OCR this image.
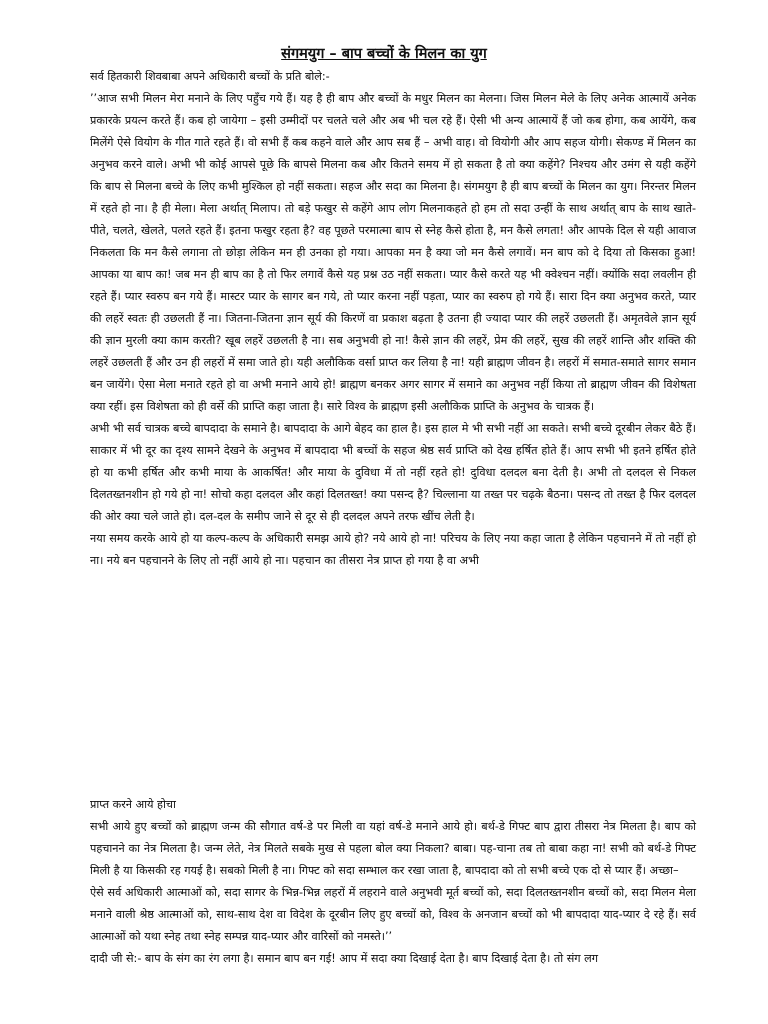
संगमयुग – बाप बच्चों के मिलन का युग

सर्व हितकारी शिवबाबा अपने अधिकारी बच्चों के प्रति बोले:-

’’आज सभी मिलन मेरा मनाने के लिए पहुँच गये हैं। यह है ही बाप और बच्चों के मधुर मिलन का मेलना। जिस मिलन मेले के लिए अनेक आत्मायें अनेक प्रकारके प्रयत्न करते हैं। कब हो जायेगा – इसी उम्मीदों पर चलते चले और अब भी चल रहे हैं। ऐसी भी अन्य आत्मायें हैं जो कब होगा, कब आयेंगे, कब मिलेंगे ऐसे वियोग के गीत गाते रहते हैं। वो सभी हैं कब कहने वाले और आप सब हैं – अभी वाह। वो वियोगी और आप सहज योगी। सेकण्ड में मिलन का अनुभव करने वाले। अभी भी कोई आपसे पूछे कि बापसे मिलना कब और कितने समय में हो सकता है तो क्या कहेंगे? निश्चय और उमंग से यही कहेंगे कि बाप से मिलना बच्चे के लिए कभी मुश्किल हो नहीं सकता। सहज और सदा का मिलना है। संगमयुग है ही बाप बच्चों के मिलन का युग। निरन्तर मिलन में रहते हो ना। है ही मेला। मेला अर्थात् मिलाप। तो बड़े फखुर से कहेंगे आप लोग मिलनाकहते हो हम तो सदा उन्हीं के साथ अर्थात् बाप के साथ खाते-पीते, चलते, खेलते, पलते रहते हैं। इतना फखुर रहता है? वह पूछते परमात्मा बाप से स्नेह कैसे होता है, मन कैसे लगता! और आपके दिल से यही आवाज निकलता कि मन कैसे लगाना तो छोड़ा लेकिन मन ही उनका हो गया। आपका मन है क्या जो मन कैसे लगावें। मन बाप को दे दिया तो किसका हुआ! आपका या बाप का! जब मन ही बाप का है तो फिर लगावें कैसे यह प्रश्न उठ नहीं सकता। प्यार कैसे करते यह भी क्वेश्चन नहीं। क्योंकि सदा लवलीन ही रहते हैं। प्यार स्वरुप बन गये हैं। मास्टर प्यार के सागर बन गये, तो प्यार करना नहीं पड़ता, प्यार का स्वरुप हो गये हैं। सारा दिन क्या अनुभव करते, प्यार की लहरें स्वतः ही उछलती हैं ना। जितना-जितना ज्ञान सूर्य की किरणें वा प्रकाश बढ़ता है उतना ही ज्यादा प्यार की लहरें उछलती हैं। अमृतवेले ज्ञान सूर्य की ज्ञान मुरली क्या काम करती? खूब लहरें उछलती है ना। सब अनुभवी हो ना! कैसे ज्ञान की लहरें, प्रेम की लहरें, सुख की लहरें शान्ति और शक्ति की लहरें उछलती हैं और उन ही लहरों में समा जाते हो। यही अलौकिक वर्सा प्राप्त कर लिया है ना! यही ब्राह्मण जीवन है। लहरों में समात-समाते सागर समान बन जायेंगे। ऐसा मेला मनाते रहते हो वा अभी मनाने आये हो! ब्राह्मण बनकर अगर सागर में समाने का अनुभव नहीं किया तो ब्राह्मण जीवन की विशेषता क्या रहीं। इस विशेषता को ही वर्से की प्राप्ति कहा जाता है। सारे विश्व के ब्राह्मण इसी अलौकिक प्राप्ति के अनुभव के चात्रक हैं।

अभी भी सर्व चात्रक बच्चे बापदादा के समाने है। बापदादा के आगे बेहद का हाल है। इस हाल मे भी सभी नहीं आ सकते। सभी बच्चे दूरबीन लेकर बैठे हैं। साकार में भी दूर का दृश्य सामने देखने के अनुभव में बापदादा भी बच्चों के सहज श्रेष्ठ सर्व प्राप्ति को देख हर्षित होते हैं। आप सभी भी इतने हर्षित होते हो या कभी हर्षित और कभी माया के आकर्षित! और माया के दुविधा में तो नहीं रहते हो! दुविधा दलदल बना देती है। अभी तो दलदल से निकल दिलतख्तनशीन हो गये हो ना! सोचो कहा दलदल और कहां दिलतख्त! क्या पसन्द है? चिल्लाना या तख्त पर चढ़के बैठना। पसन्द तो तख्त है फिर दलदल की ओर क्या चले जाते हो। दल-दल के समीप जाने से दूर से ही दलदल अपने तरफ खींच लेती है।

नया समय करके आये हो या कल्प-कल्प के अधिकारी समझ आये हो? नये आये हो ना! परिचय के लिए नया कहा जाता है लेकिन पहचानने में तो नहीं हो ना। नये बन पहचानने के लिए तो नहीं आये हो ना। पहचान का तीसरा नेत्र प्राप्त हो गया है वा अभी

प्राप्त करने आये होचा

सभी आये हुए बच्चों को ब्राह्मण जन्म की सौगात वर्ष-डे पर मिली वा यहां वर्ष-डे मनाने आये हो। बर्थ-डे गिफ्ट बाप द्वारा तीसरा नेत्र मिलता है। बाप को पहचानने का नेत्र मिलता है। जन्म लेते, नेत्र मिलते सबके मुख से पहला बोल क्या निकला? बाबा। पह-चाना तब तो बाबा कहा ना! सभी को बर्थ-डे गिफ्ट मिली है या किसकी रह गयई है। सबको मिली है ना। गिफ्ट को सदा सम्भाल कर रखा जाता है, बापदादा को तो सभी बच्चे एक दो से प्यार हैं। अच्छा–

ऐसे सर्व अधिकारी आत्माओं को, सदा सागर के भिन्न-भिन्न लहरों में लहराने वाले अनुभवी मूर्त बच्चों को, सदा दिलतख्तनशीन बच्चों को, सदा मिलन मेला मनाने वाली श्रेष्ठ आत्माओं को, साथ-साथ देश वा विदेश के दूरबीन लिए हुए बच्चों को, विश्व के अनजान बच्चों को भी बापदादा याद-प्यार दे रहे हैं। सर्व आत्माओं को यथा स्नेह तथा स्नेह सम्पन्न याद-प्यार और वारिसों को नमस्ते।’’

दादी जी से:- बाप के संग का रंग लगा है। समान बाप बन गई! आप में सदा क्या दिखाई देता है। बाप दिखाई देता है। तो संग लग
